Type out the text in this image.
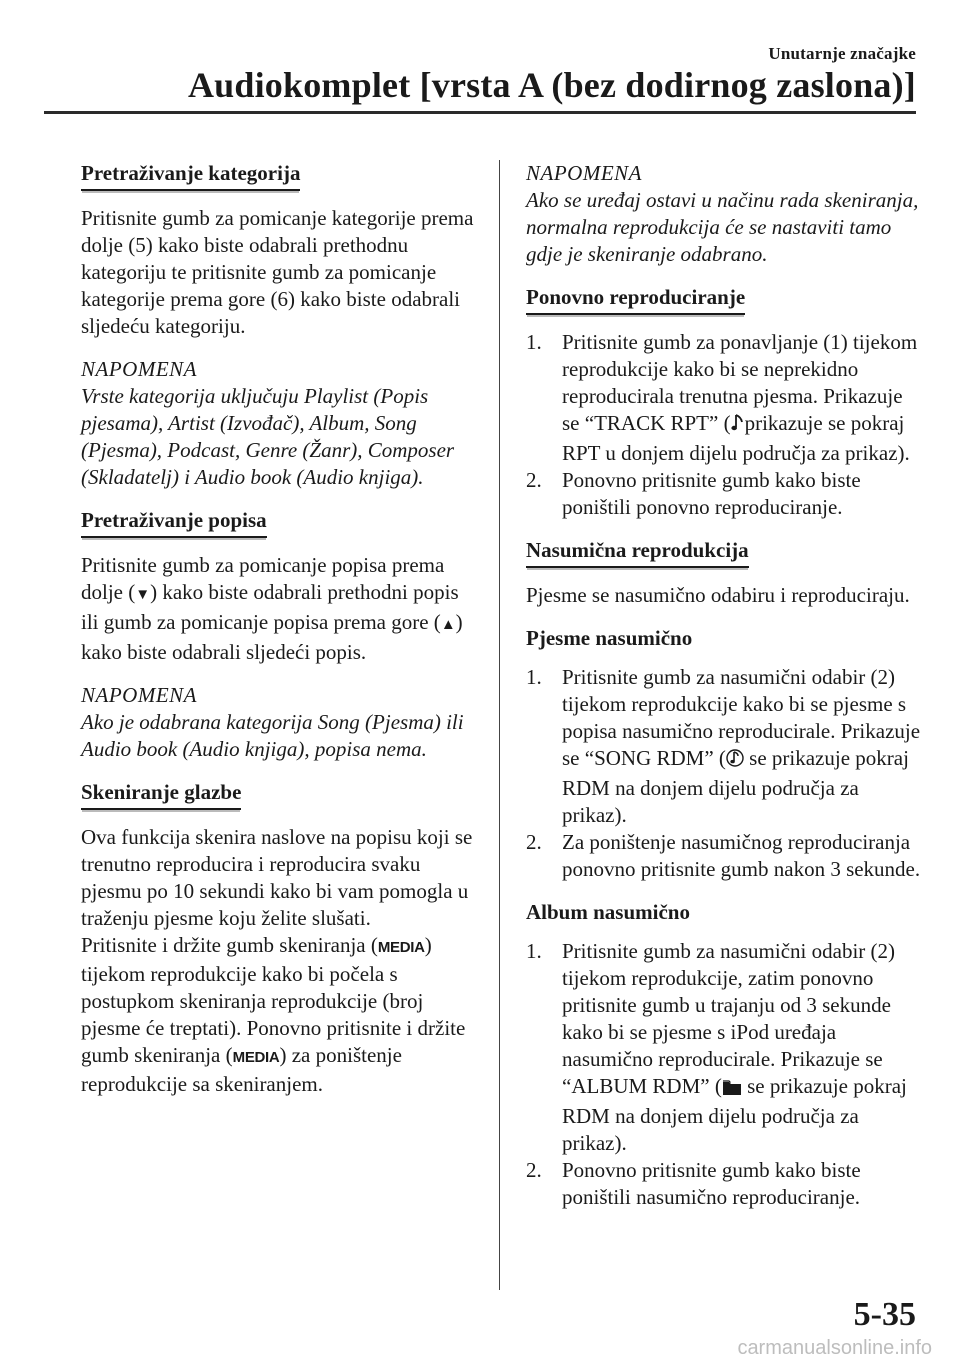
Unutarnje značajke
Audiokomplet [vrsta A (bez dodirnog zaslona)]
Pretraživanje kategorija

Pritisnite gumb za pomicanje kategorije prema dolje (5) kako biste odabrali prethodnu kategoriju te pritisnite gumb za pomicanje kategorije prema gore (6) kako biste odabrali sljedeću kategoriju.

NAPOMENA
Vrste kategorija uključuju Playlist (Popis pjesama), Artist (Izvođač), Album, Song (Pjesma), Podcast, Genre (Žanr), Composer (Skladatelj) i Audio book (Audio knjiga).
Pretraživanje popisa

Pritisnite gumb za pomicanje popisa prema dolje (▼) kako biste odabrali prethodni popis ili gumb za pomicanje popisa prema gore (▲) kako biste odabrali sljedeći popis.

NAPOMENA
Ako je odabrana kategorija Song (Pjesma) ili Audio book (Audio knjiga), popisa nema.
Skeniranje glazbe

Ova funkcija skenira naslove na popisu koji se trenutno reproducira i reproducira svaku pjesmu po 10 sekundi kako bi vam pomogla u traženju pjesme koju želite slušati.

Pritisnite i držite gumb skeniranja (MEDIA) tijekom reprodukcije kako bi počela s postupkom skeniranja reprodukcije (broj pjesme će treptati). Ponovno pritisnite i držite gumb skeniranja (MEDIA) za poništenje reprodukcije sa skeniranjem.

NAPOMENA
Ako se uređaj ostavi u načinu rada skeniranja, normalna reprodukcija će se nastaviti tamo gdje je skeniranje odabrano.
Ponovno reproduciranje
1. Pritisnite gumb za ponavljanje (1) tijekom reprodukcije kako bi se neprekidno reproducirala trenutna pjesma. Prikazuje se “TRACK RPT” ( prikazuje se pokraj RPT u donjem dijelu područja za prikaz).
2. Ponovno pritisnite gumb kako biste poništili ponovno reproduciranje.
Nasumična reprodukcija

Pjesme se nasumično odabiru i reproduciraju.

Pjesme nasumično
1. Pritisnite gumb za nasumični odabir (2) tijekom reprodukcije kako bi se pjesme s popisa nasumično reproducirale. Prikazuje se “SONG RDM” ( se prikazuje pokraj RDM na donjem dijelu područja za prikaz).
2. Za poništenje nasumičnog reproduciranja ponovno pritisnite gumb nakon 3 sekunde.
Album nasumično
1. Pritisnite gumb za nasumični odabir (2) tijekom reprodukcije, zatim ponovno pritisnite gumb u trajanju od 3 sekunde kako bi se pjesme s iPod uređaja nasumično reproducirale. Prikazuje se “ALBUM RDM” ( se prikazuje pokraj RDM na donjem dijelu područja za prikaz).
2. Ponovno pritisnite gumb kako biste poništili nasumično reproduciranje.
5-35
carmanualsonline.info
